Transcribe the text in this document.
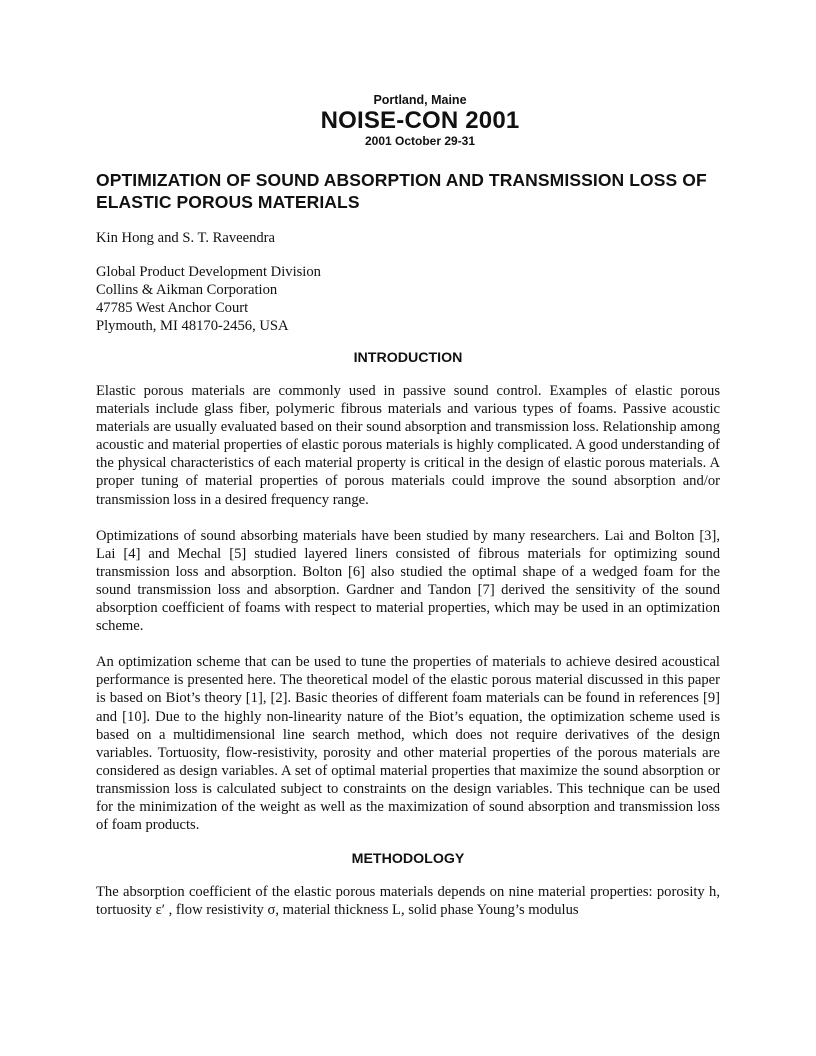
Portland, Maine

NOISE-CON 2001

2001 October 29-31

OPTIMIZATION OF SOUND ABSORPTION AND TRANSMISSION LOSS OF ELASTIC POROUS MATERIALS

Kin Hong and S. T. Raveendra

Global Product Development Division
Collins & Aikman Corporation
47785 West Anchor Court
Plymouth, MI 48170-2456, USA
INTRODUCTION

Elastic porous materials are commonly used in passive sound control. Examples of elastic porous materials include glass fiber, polymeric fibrous materials and various types of foams. Passive acoustic materials are usually evaluated based on their sound absorption and transmission loss. Relationship among acoustic and material properties of elastic porous materials is highly complicated. A good understanding of the physical characteristics of each material property is critical in the design of elastic porous materials. A proper tuning of material properties of porous materials could improve the sound absorption and/or transmission loss in a desired frequency range.

Optimizations of sound absorbing materials have been studied by many researchers. Lai and Bolton [3], Lai [4] and Mechal [5] studied layered liners consisted of fibrous materials for optimizing sound transmission loss and absorption. Bolton [6] also studied the optimal shape of a wedged foam for the sound transmission loss and absorption. Gardner and Tandon [7] derived the sensitivity of the sound absorption coefficient of foams with respect to material properties, which may be used in an optimization scheme.

An optimization scheme that can be used to tune the properties of materials to achieve desired acoustical performance is presented here. The theoretical model of the elastic porous material discussed in this paper is based on Biot’s theory [1], [2]. Basic theories of different foam materials can be found in references [9] and [10]. Due to the highly non-linearity nature of the Biot’s equation, the optimization scheme used is based on a multidimensional line search method, which does not require derivatives of the design variables. Tortuosity, flow-resistivity, porosity and other material properties of the porous materials are considered as design variables. A set of optimal material properties that maximize the sound absorption or transmission loss is calculated subject to constraints on the design variables. This technique can be used for the minimization of the weight as well as the maximization of sound absorption and transmission loss of foam products.

METHODOLOGY

The absorption coefficient of the elastic porous materials depends on nine material properties: porosity h, tortuosity ε′ , flow resistivity σ, material thickness L, solid phase Young’s modulus
